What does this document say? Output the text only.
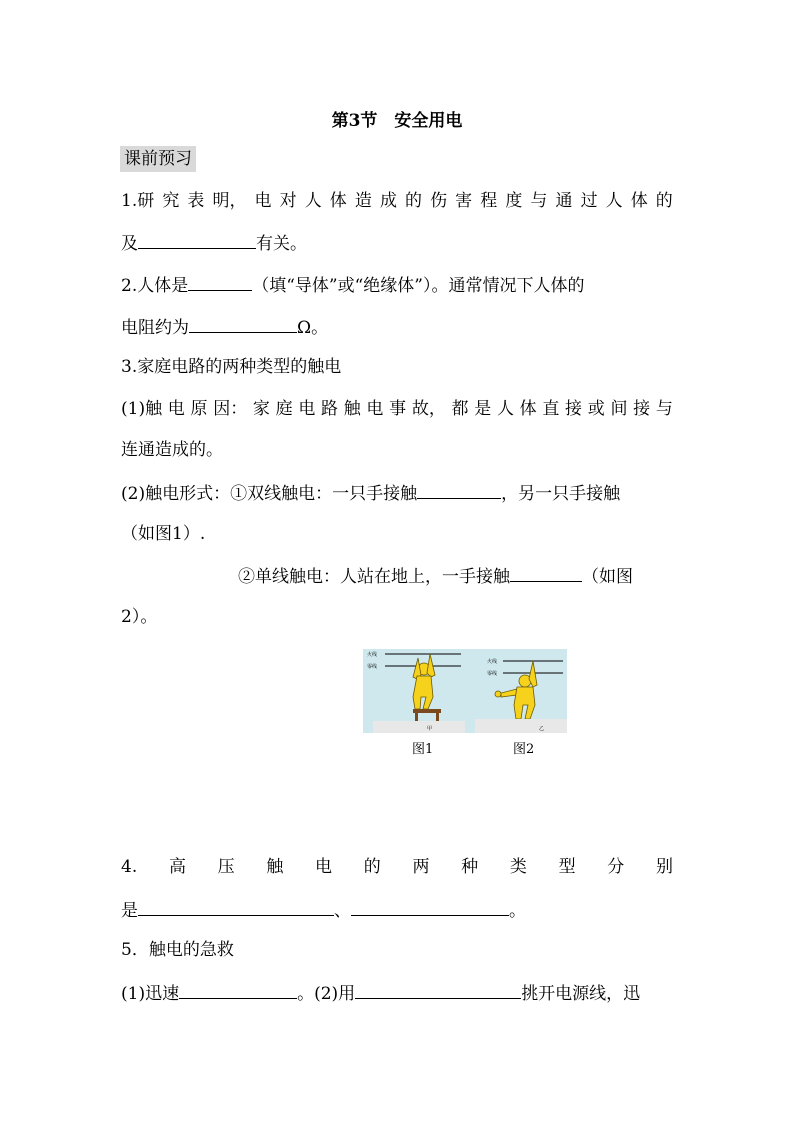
第3节　安全用电
课前预习
1.研 究 表 明， 电 对 人 体 造 成 的 伤 害 程 度 与 通 过 人 体 的
及	有关。
2.人体是	（填“导体”或“绝缘体”）。通常情况下人体的
电阻约为	Ω。
3.家庭电路的两种类型的触电
(1)触 电 原 因： 家 庭 电 路 触 电 事 故， 都 是 人 体 直 接 或 间 接 与
连通造成的。
(2)触电形式：①双线触电：一只手接触	，另一只手接触
（如图1）.
②单线触电：人站在地上，一手接触	（如图
2）。
火线
零线
甲
火线
零线
乙
图1	图2
4. 高 压 触 电 的 两 种 类 型 分 别
是	、	。
5．触电的急救
(1)迅速	。(2)用	挑开电源线，迅
